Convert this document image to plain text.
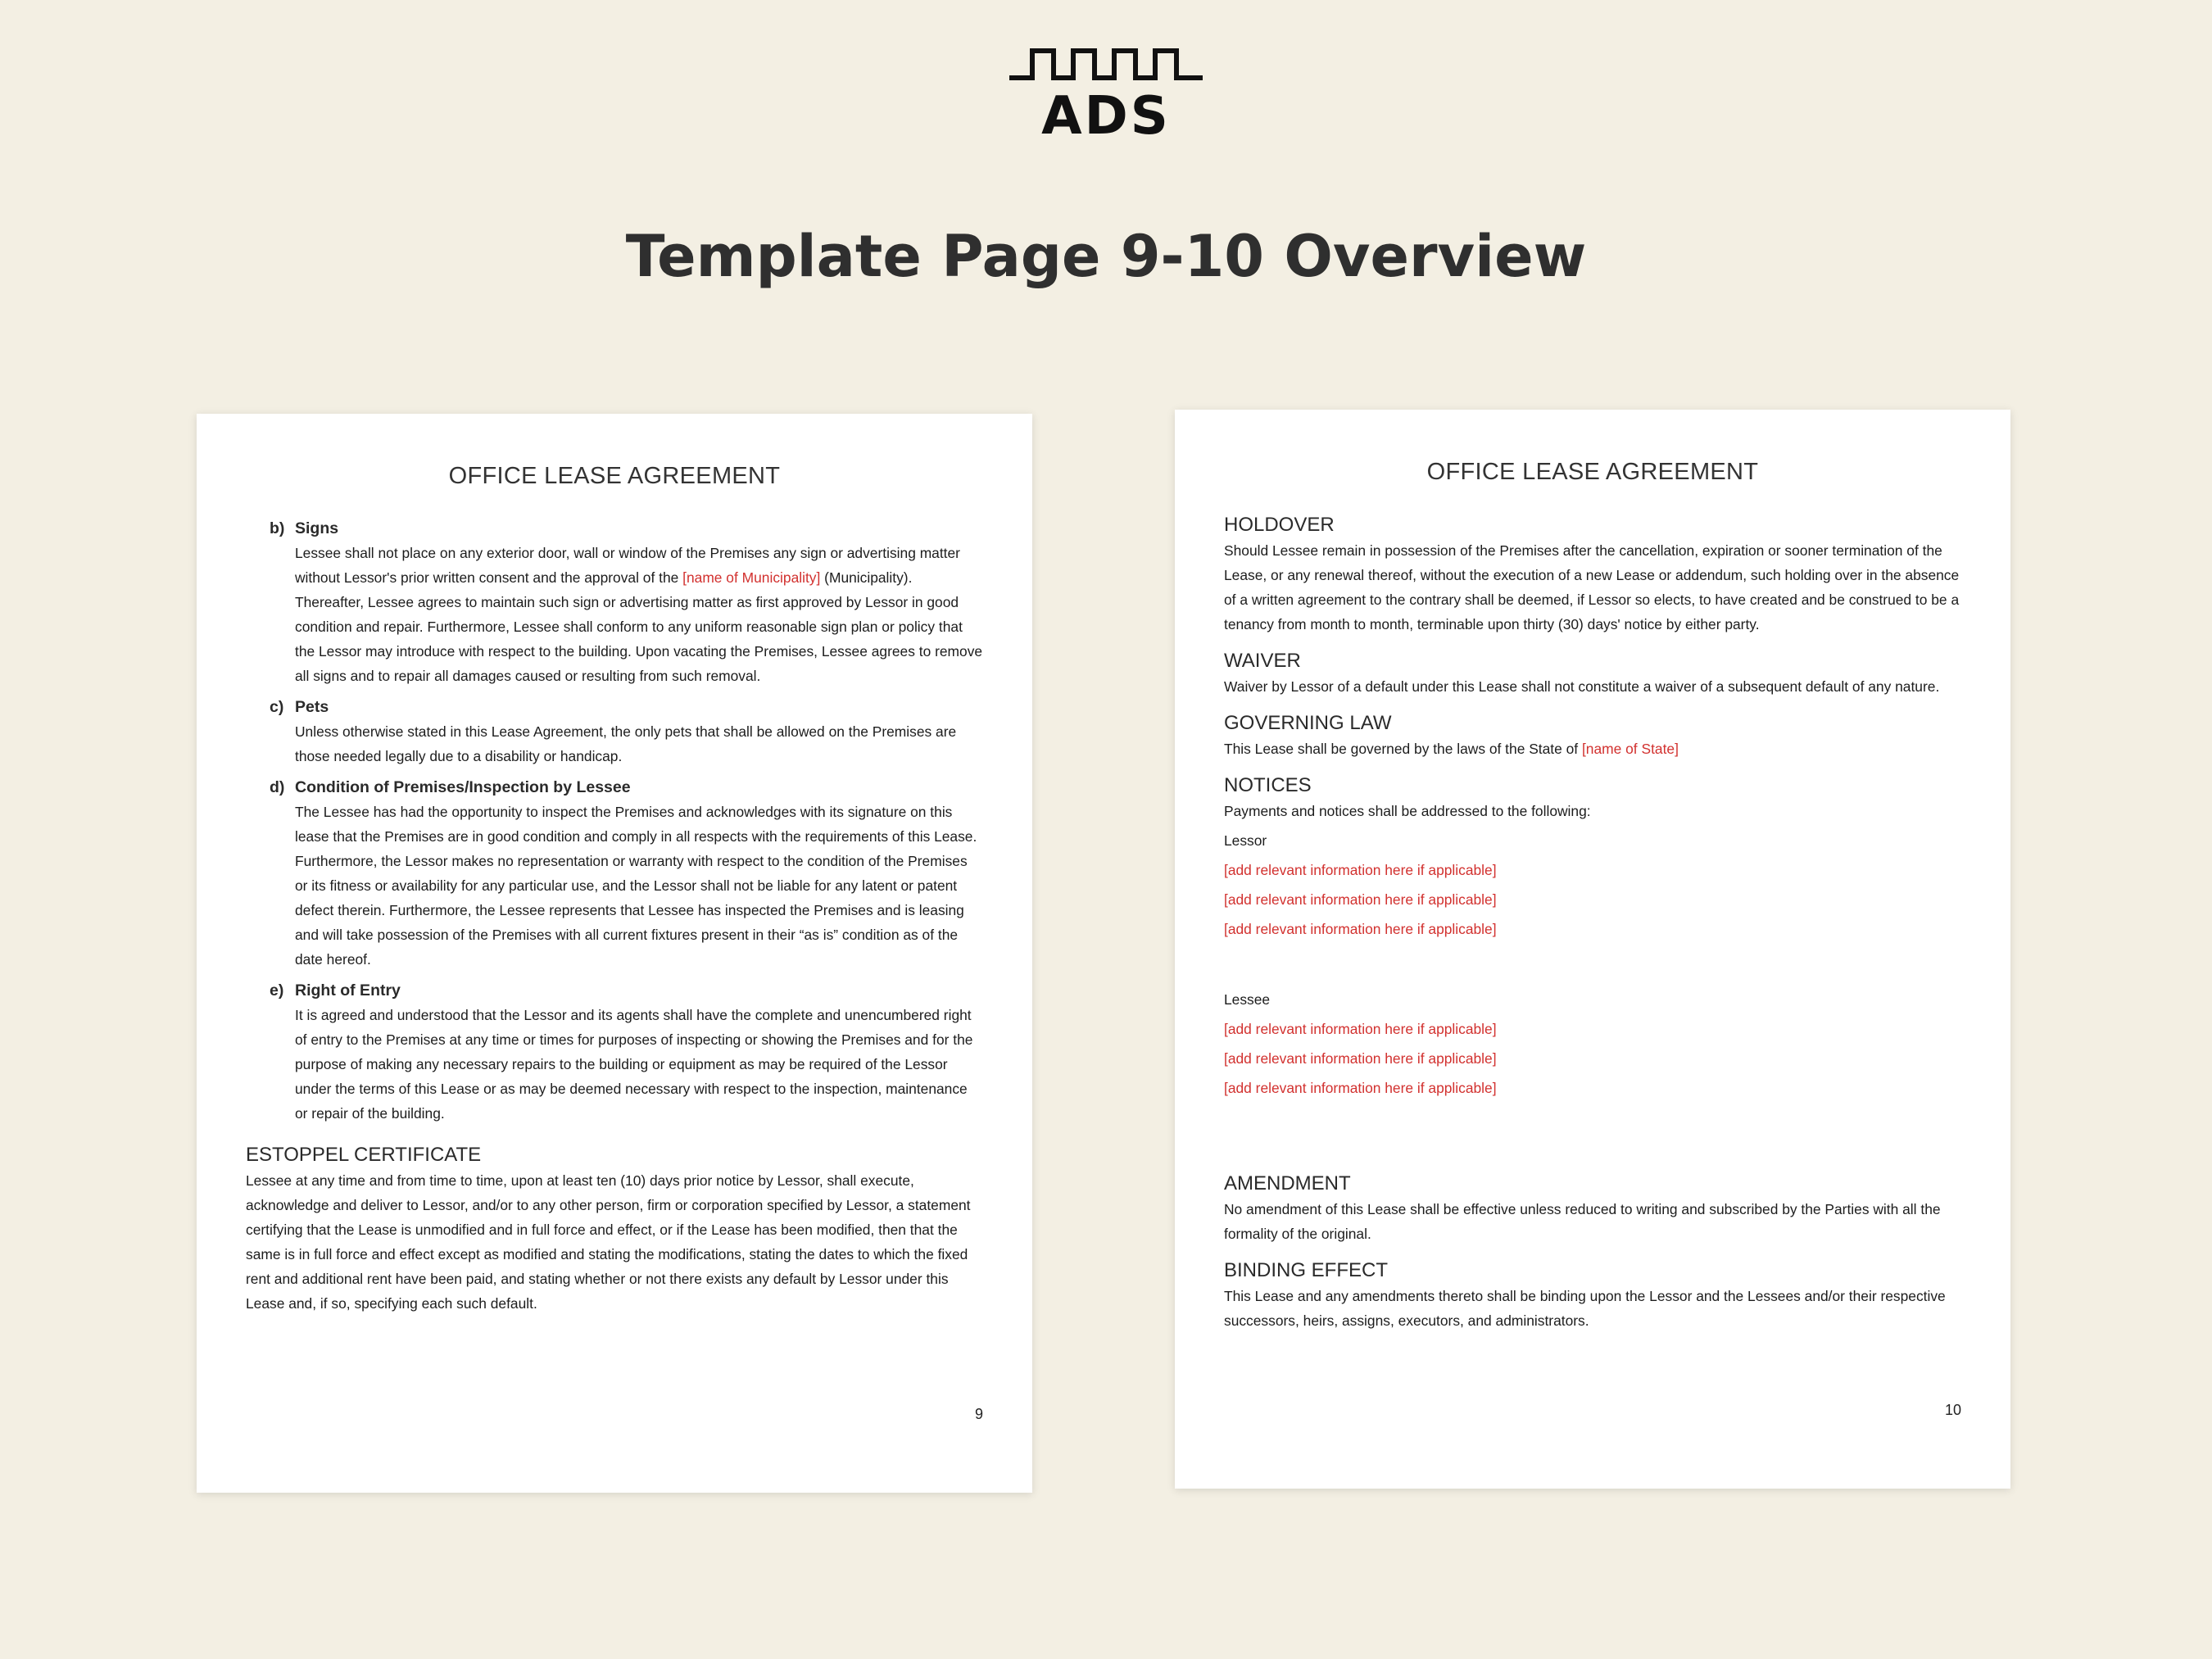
ADS
Template Page 9-10 Overview
OFFICE LEASE AGREEMENT
b) Signs

Lessee shall not place on any exterior door, wall or window of the Premises any sign or advertising matter without Lessor's prior written consent and the approval of the [name of Municipality] (Municipality). Thereafter, Lessee agrees to maintain such sign or advertising matter as first approved by Lessor in good condition and repair. Furthermore, Lessee shall conform to any uniform reasonable sign plan or policy that the Lessor may introduce with respect to the building. Upon vacating the Premises, Lessee agrees to remove all signs and to repair all damages caused or resulting from such removal.

c) Pets

Unless otherwise stated in this Lease Agreement, the only pets that shall be allowed on the Premises are those needed legally due to a disability or handicap.

d) Condition of Premises/Inspection by Lessee

The Lessee has had the opportunity to inspect the Premises and acknowledges with its signature on this lease that the Premises are in good condition and comply in all respects with the requirements of this Lease. Furthermore, the Lessor makes no representation or warranty with respect to the condition of the Premises or its fitness or availability for any particular use, and the Lessor shall not be liable for any latent or patent defect therein. Furthermore, the Lessee represents that Lessee has inspected the Premises and is leasing and will take possession of the Premises with all current fixtures present in their “as is” condition as of the date hereof.

e) Right of Entry

It is agreed and understood that the Lessor and its agents shall have the complete and unencumbered right of entry to the Premises at any time or times for purposes of inspecting or showing the Premises and for the purpose of making any necessary repairs to the building or equipment as may be required of the Lessor under the terms of this Lease or as may be deemed necessary with respect to the inspection, maintenance or repair of the building.

ESTOPPEL CERTIFICATE

Lessee at any time and from time to time, upon at least ten (10) days prior notice by Lessor, shall execute, acknowledge and deliver to Lessor, and/or to any other person, firm or corporation specified by Lessor, a statement certifying that the Lease is unmodified and in full force and effect, or if the Lease has been modified, then that the same is in full force and effect except as modified and stating the modifications, stating the dates to which the fixed rent and additional rent have been paid, and stating whether or not there exists any default by Lessor under this Lease and, if so, specifying each such default.

9
OFFICE LEASE AGREEMENT

HOLDOVER

Should Lessee remain in possession of the Premises after the cancellation, expiration or sooner termination of the Lease, or any renewal thereof, without the execution of a new Lease or addendum, such holding over in the absence of a written agreement to the contrary shall be deemed, if Lessor so elects, to have created and be construed to be a tenancy from month to month, terminable upon thirty (30) days' notice by either party.

WAIVER

Waiver by Lessor of a default under this Lease shall not constitute a waiver of a subsequent default of any nature.

GOVERNING LAW

This Lease shall be governed by the laws of the State of [name of State]

NOTICES

Payments and notices shall be addressed to the following:

Lessor

[add relevant information here if applicable]

[add relevant information here if applicable]

[add relevant information here if applicable]

Lessee

[add relevant information here if applicable]

[add relevant information here if applicable]

[add relevant information here if applicable]

AMENDMENT

No amendment of this Lease shall be effective unless reduced to writing and subscribed by the Parties with all the formality of the original.

BINDING EFFECT

This Lease and any amendments thereto shall be binding upon the Lessor and the Lessees and/or their respective successors, heirs, assigns, executors, and administrators.

10
